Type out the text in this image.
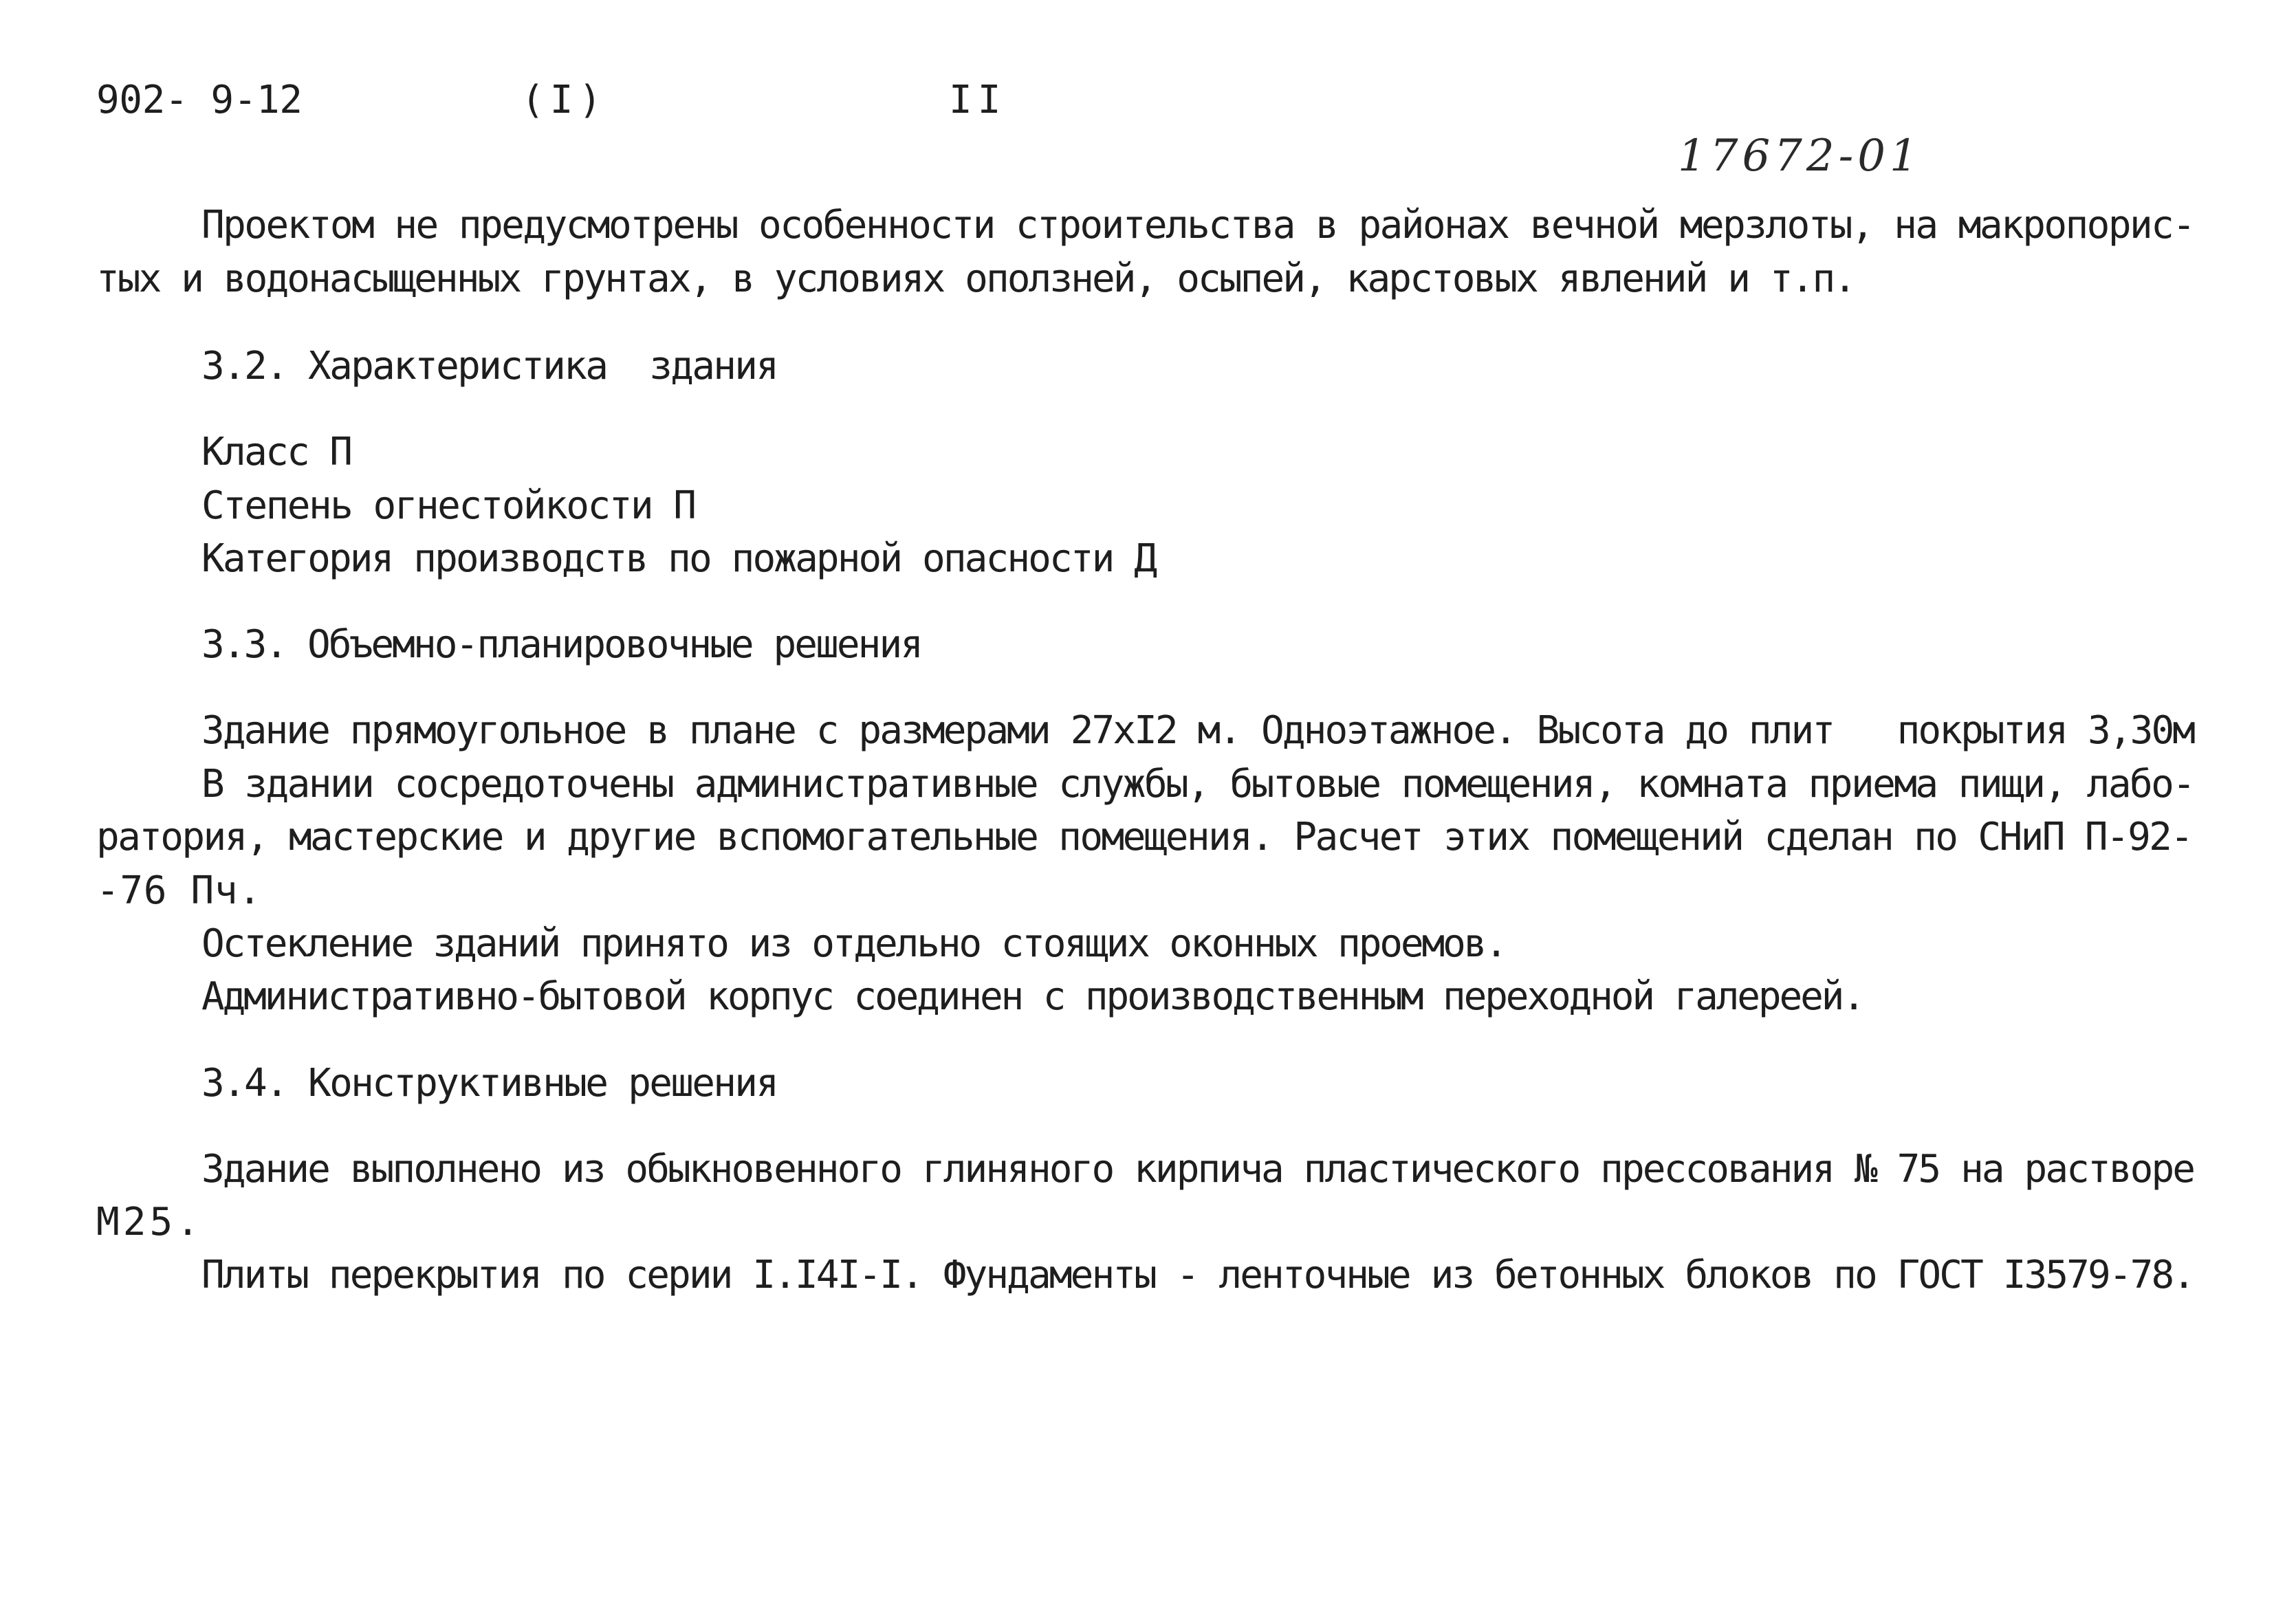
902- 9-12	(I)	II
17672-01
Проектом не предусмотрены особенности строительства в районах вечной мерзлоты, на макропорис-
тых и водонасыщенных грунтах, в условиях оползней, осыпей, карстовых явлений и т.п.
3.2. Характеристика  здания
Класс П
Степень огнестойкости П
Категория производств по пожарной опасности Д
3.3. Объемно-планировочные решения
Здание прямоугольное в плане с размерами 27хI2 м. Одноэтажное. Высота до плит   покрытия 3,30м
В здании сосредоточены административные службы, бытовые помещения, комната приема пищи, лабо-
ратория, мастерские и другие вспомогательные помещения. Расчет этих помещений сделан по СНиП П-92-
-76 Пч.
Остекление зданий принято из отдельно стоящих оконных проемов.
Административно-бытовой корпус соединен с производственным переходной галереей.
3.4. Конструктивные решения
Здание выполнено из обыкновенного глиняного кирпича пластического прессования № 75 на растворе
М25.
Плиты перекрытия по серии I.I4I-I. Фундаменты - ленточные из бетонных блоков по ГОСТ I3579-78.
